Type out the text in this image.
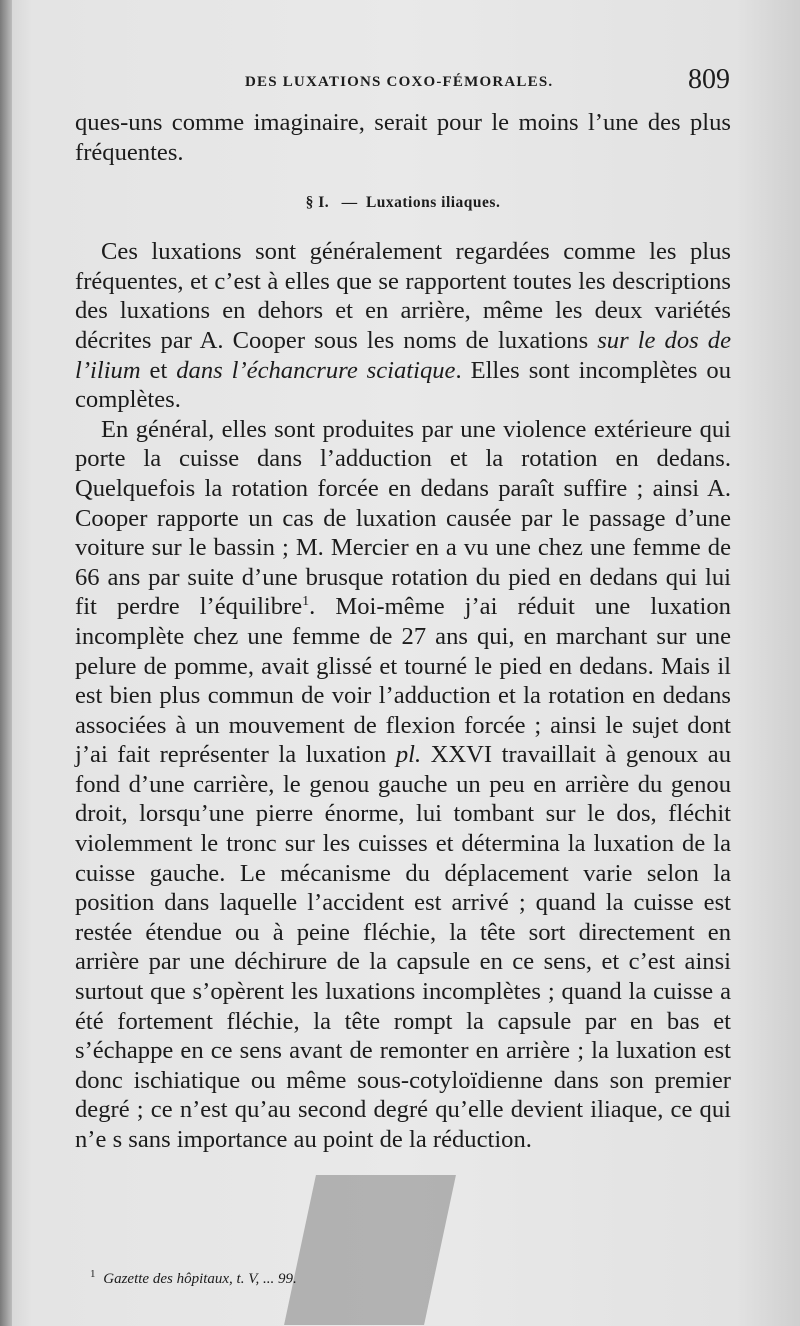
DES LUXATIONS COXO-FÉMORALES.	809

ques-uns comme imaginaire, serait pour le moins l’une des plus fréquentes.

§ I. — Luxations iliaques.

Ces luxations sont généralement regardées comme les plus fréquentes, et c’est à elles que se rapportent toutes les descriptions des luxations en dehors et en arrière, même les deux variétés décrites par A. Cooper sous les noms de luxations sur le dos de l’ilium et dans l’échancrure sciatique. Elles sont incomplètes ou complètes.

En général, elles sont produites par une violence extérieure qui porte la cuisse dans l’adduction et la rotation en dedans. Quelquefois la rotation forcée en dedans paraît suffire ; ainsi A. Cooper rapporte un cas de luxation causée par le passage d’une voiture sur le bassin ; M. Mercier en a vu une chez une femme de 66 ans par suite d’une brusque rotation du pied en dedans qui lui fit perdre l’équilibre$^1$. Moi-même j’ai réduit une luxation incomplète chez une femme de 27 ans qui, en marchant sur une pelure de pomme, avait glissé et tourné le pied en dedans. Mais il est bien plus commun de voir l’adduction et la rotation en dedans associées à un mouvement de flexion forcée ; ainsi le sujet dont j’ai fait représenter la luxation pl. XXVI travaillait à genoux au fond d’une carrière, le genou gauche un peu en arrière du genou droit, lorsqu’une pierre énorme, lui tombant sur le dos, fléchit violemment le tronc sur les cuisses et détermina la luxation de la cuisse gauche. Le mécanisme du déplacement varie selon la position dans laquelle l’accident est arrivé ; quand la cuisse est restée étendue ou à peine fléchie, la tête sort directement en arrière par une déchirure de la capsule en ce sens, et c’est ainsi surtout que s’opèrent les luxations incomplètes ; quand la cuisse a été fortement fléchie, la tête rompt la capsule par en bas et s’échappe en ce sens avant de remonter en arrière ; la luxation est donc ischiatique ou même sous-cotyloïdienne dans son premier degré ; ce n’est qu’au second degré qu’elle devient iliaque, ce qui n’e s sans importance au point de la réduction.

$^1$ Gazette des hôpitaux, t. V, ... 99.
